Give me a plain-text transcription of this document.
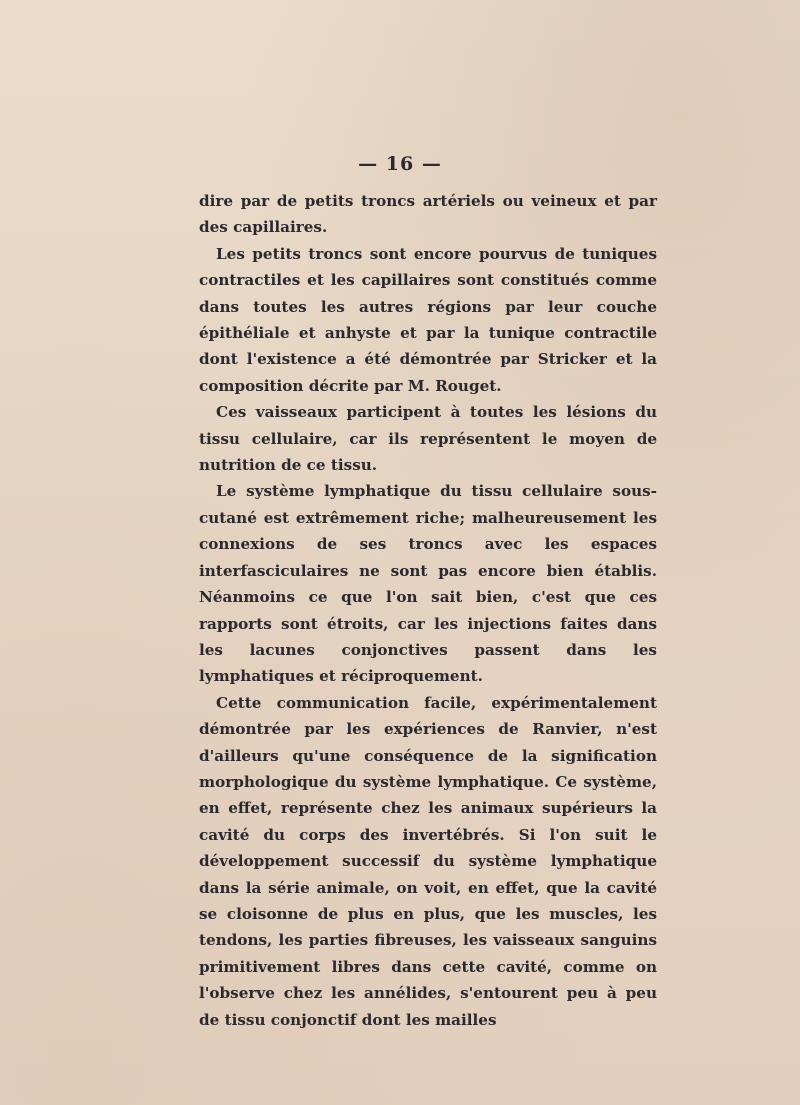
— 16 —

dire par de petits troncs artériels ou veineux et par des capillaires.

Les petits troncs sont encore pourvus de tuniques contractiles et les capillaires sont constitués comme dans toutes les autres régions par leur couche épithéliale et anhyste et par la tunique contractile dont l'existence a été démontrée par Stricker et la composition décrite par M. Rouget.

Ces vaisseaux participent à toutes les lésions du tissu cellulaire, car ils représentent le moyen de nutrition de ce tissu.

Le système lymphatique du tissu cellulaire sous-cutané est extrêmement riche; malheureusement les connexions de ses troncs avec les espaces interfasciculaires ne sont pas encore bien établis. Néanmoins ce que l'on sait bien, c'est que ces rapports sont étroits, car les injections faites dans les lacunes conjonctives passent dans les lymphatiques et réciproquement.

Cette communication facile, expérimentalement démontrée par les expériences de Ranvier, n'est d'ailleurs qu'une conséquence de la signification morphologique du système lymphatique. Ce système, en effet, représente chez les animaux supérieurs la cavité du corps des invertébrés. Si l'on suit le développement successif du système lymphatique dans la série animale, on voit, en effet, que la cavité se cloisonne de plus en plus, que les muscles, les tendons, les parties fibreuses, les vaisseaux sanguins primitivement libres dans cette cavité, comme on l'observe chez les annélides, s'entourent peu à peu de tissu conjonctif dont les mailles
